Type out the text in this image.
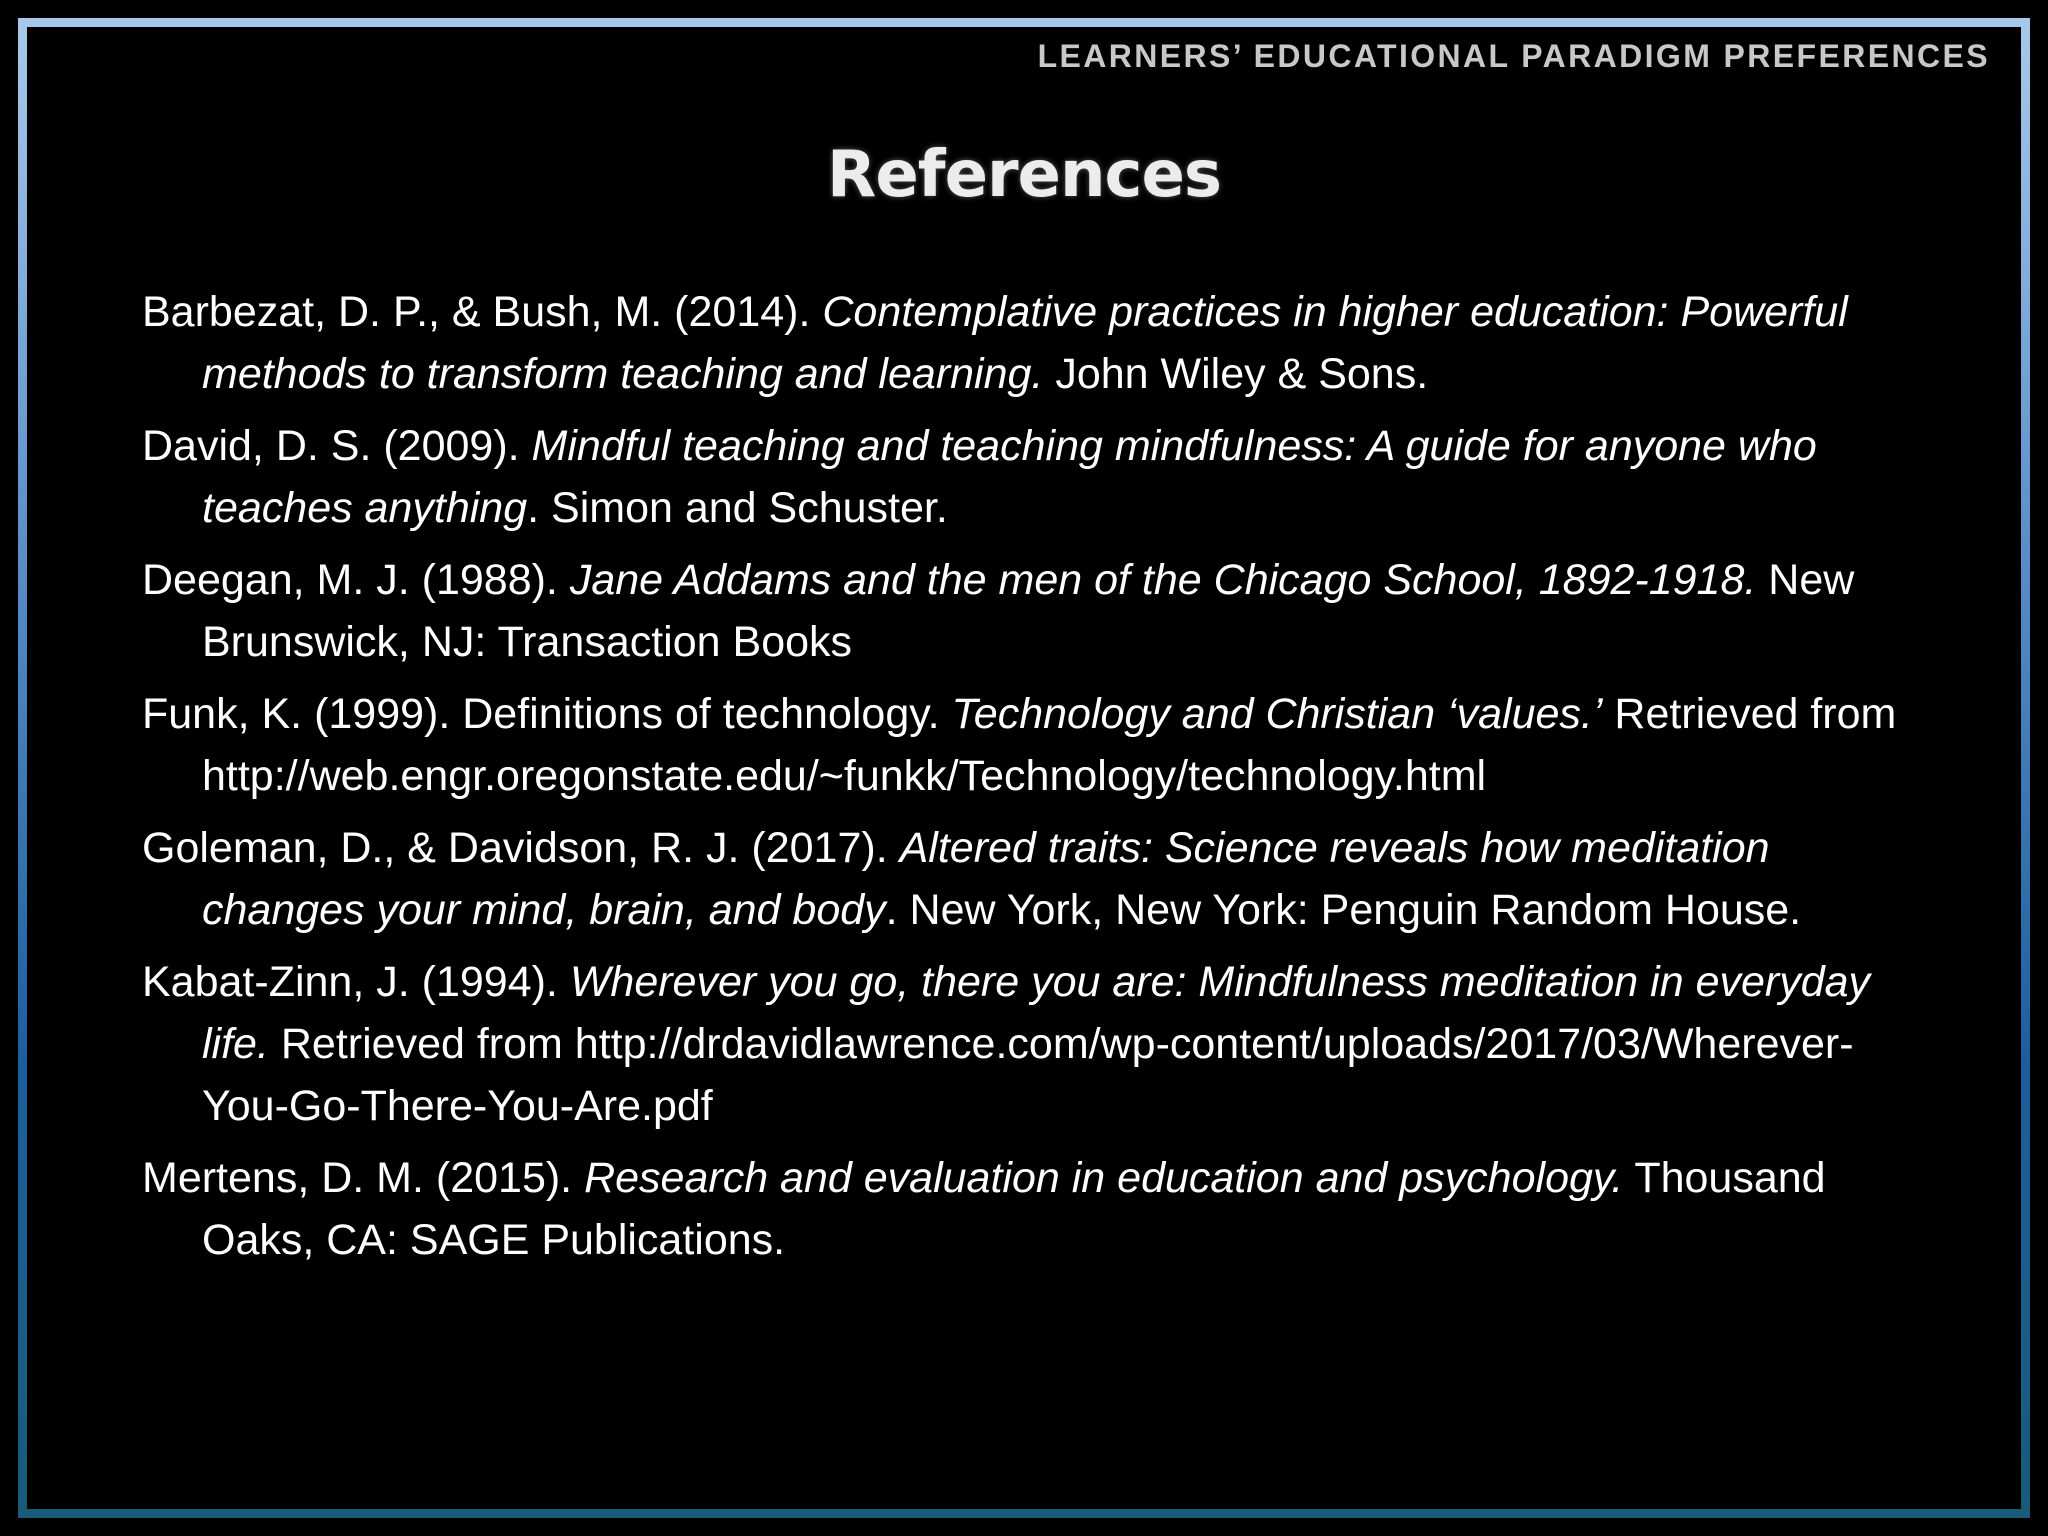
LEARNERS’ EDUCATIONAL PARADIGM PREFERENCES
References

Barbezat, D. P., & Bush, M. (2014). Contemplative practices in higher education: Powerful methods to transform teaching and learning. John Wiley & Sons.

David, D. S. (2009). Mindful teaching and teaching mindfulness: A guide for anyone who teaches anything. Simon and Schuster.

Deegan, M. J. (1988). Jane Addams and the men of the Chicago School, 1892-1918. New Brunswick, NJ: Transaction Books

Funk, K. (1999). Definitions of technology. Technology and Christian ‘values.’ Retrieved from http://web.engr.oregonstate.edu/~funkk/Technology/technology.html

Goleman, D., & Davidson, R. J. (2017). Altered traits: Science reveals how meditation changes your mind, brain, and body. New York, New York: Penguin Random House.

Kabat-Zinn, J. (1994). Wherever you go, there you are: Mindfulness meditation in everyday life. Retrieved from http://drdavidlawrence.com/wp-content/uploads/2017/03/Wherever-You-Go-There-You-Are.pdf

Mertens, D. M. (2015). Research and evaluation in education and psychology. Thousand Oaks, CA: SAGE Publications.
